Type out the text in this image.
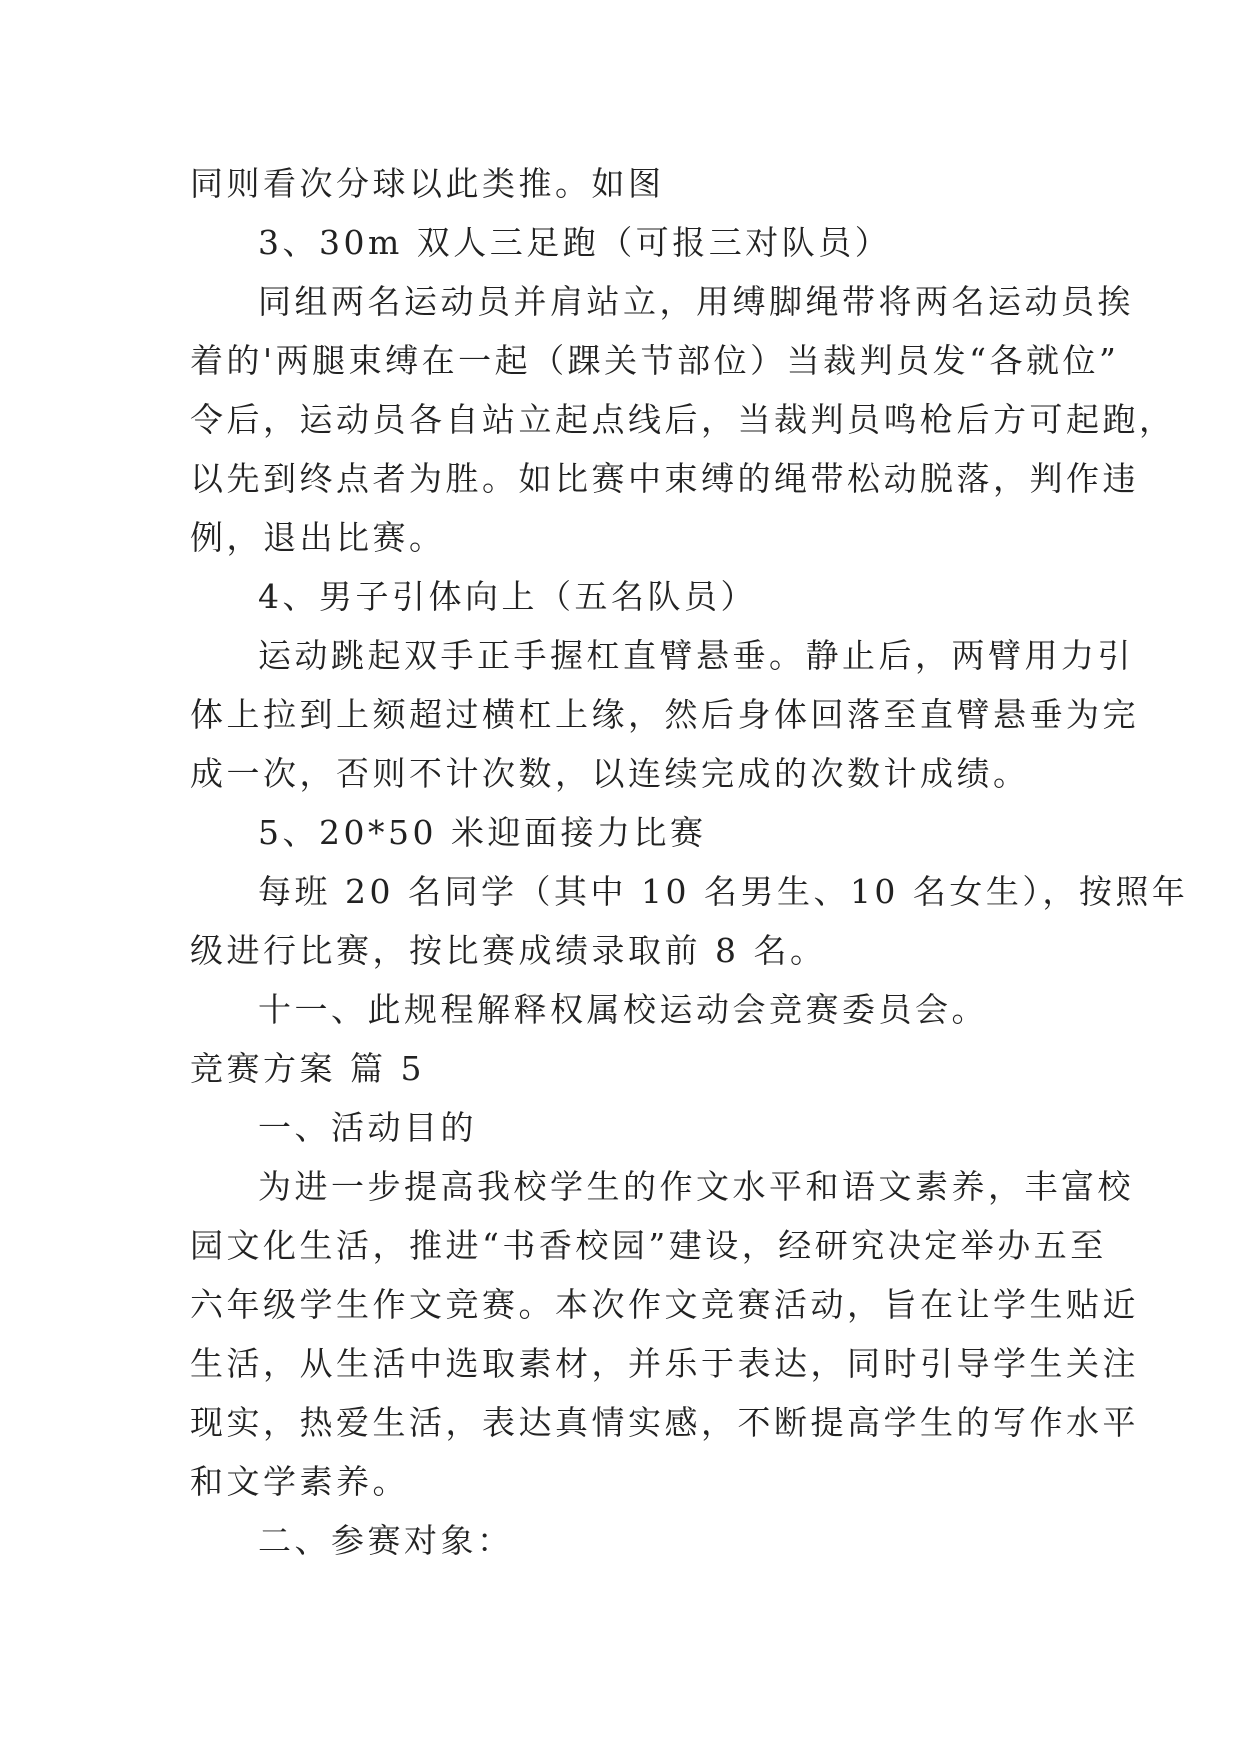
同则看次分球以此类推。如图
3、30m 双人三足跑（可报三对队员）
同组两名运动员并肩站立，用缚脚绳带将两名运动员挨
着的'两腿束缚在一起（踝关节部位）当裁判员发“各就位”
令后，运动员各自站立起点线后，当裁判员鸣枪后方可起跑，
以先到终点者为胜。如比赛中束缚的绳带松动脱落，判作违
例，退出比赛。
4、男子引体向上（五名队员）
运动跳起双手正手握杠直臂悬垂。静止后，两臂用力引
体上拉到上颏超过横杠上缘，然后身体回落至直臂悬垂为完
成一次，否则不计次数，以连续完成的次数计成绩。
5、20*50 米迎面接力比赛
每班 20 名同学（其中 10 名男生、10 名女生），按照年
级进行比赛，按比赛成绩录取前 8 名。
十一、此规程解释权属校运动会竞赛委员会。
竞赛方案 篇 5
一、活动目的
为进一步提高我校学生的作文水平和语文素养，丰富校
园文化生活，推进“书香校园”建设，经研究决定举办五至
六年级学生作文竞赛。本次作文竞赛活动，旨在让学生贴近
生活，从生活中选取素材，并乐于表达，同时引导学生关注
现实，热爱生活，表达真情实感，不断提高学生的写作水平
和文学素养。
二、参赛对象：
